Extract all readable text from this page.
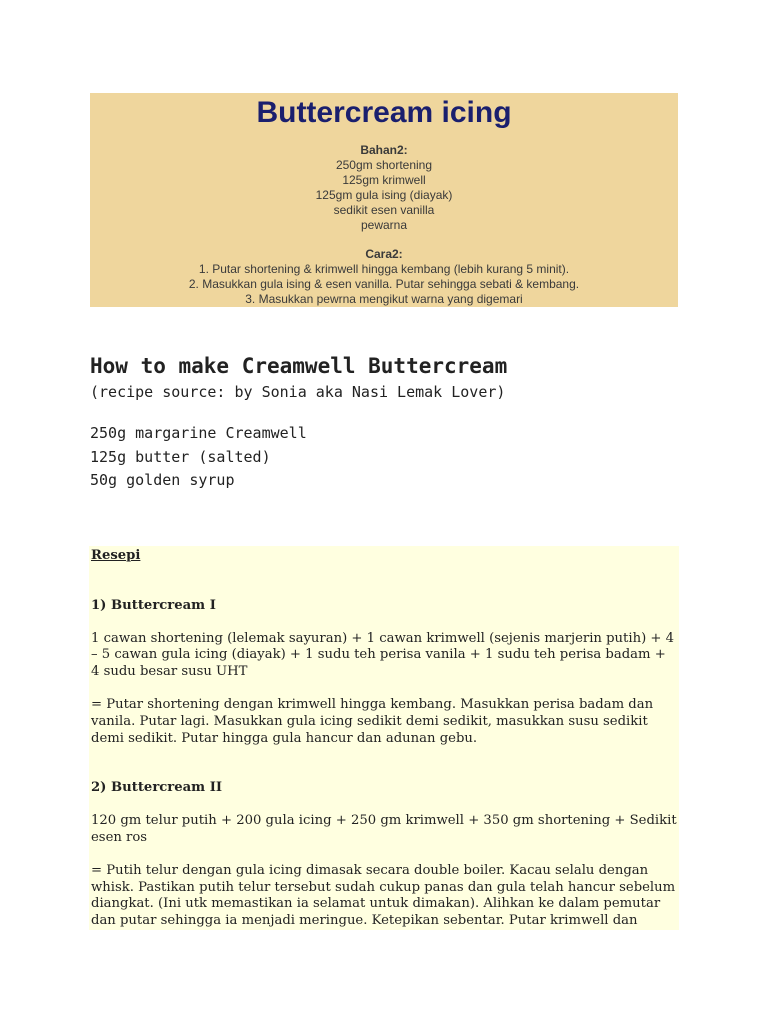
Buttercream icing
Bahan2:
250gm shortening
125gm krimwell
125gm gula ising (diayak)
sedikit esen vanilla
pewarna
Cara2:
1. Putar shortening & krimwell hingga kembang (lebih kurang 5 minit).
2. Masukkan gula ising & esen vanilla. Putar sehingga sebati & kembang.
3. Masukkan pewrna mengikut warna yang digemari
How to make Creamwell Buttercream
(recipe source: by Sonia aka Nasi Lemak Lover)
250g margarine Creamwell
125g butter (salted)
50g golden syrup

Resepi

1) Buttercream I

1 cawan shortening (lelemak sayuran) + 1 cawan krimwell (sejenis marjerin putih) + 4 – 5 cawan gula icing (diayak) + 1 sudu teh perisa vanila + 1 sudu teh perisa badam + 4 sudu besar susu UHT

= Putar shortening dengan krimwell hingga kembang. Masukkan perisa badam dan vanila. Putar lagi. Masukkan gula icing sedikit demi sedikit, masukkan susu sedikit demi sedikit. Putar hingga gula hancur dan adunan gebu.

2) Buttercream II

120 gm telur putih + 200 gula icing + 250 gm krimwell + 350 gm shortening + Sedikit esen ros

= Putih telur dengan gula icing dimasak secara double boiler. Kacau selalu dengan whisk. Pastikan putih telur tersebut sudah cukup panas dan gula telah hancur sebelum diangkat. (Ini utk memastikan ia selamat untuk dimakan). Alihkan ke dalam pemutar dan putar sehingga ia menjadi meringue. Ketepikan sebentar. Putar krimwell dan
